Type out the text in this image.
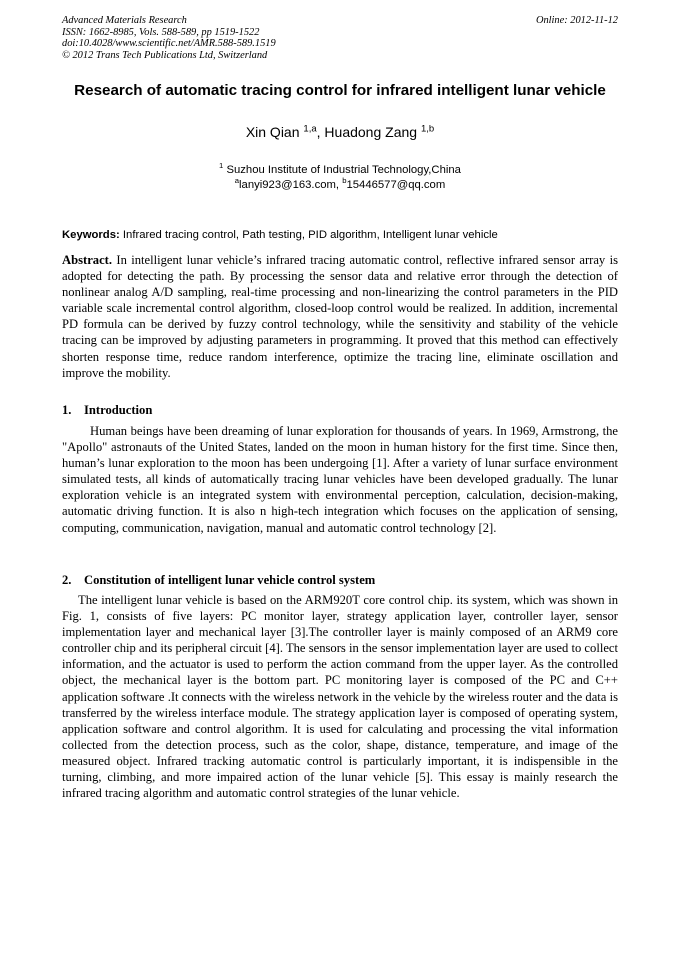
Advanced Materials Research
ISSN: 1662-8985, Vols. 588-589, pp 1519-1522
doi:10.4028/www.scientific.net/AMR.588-589.1519
© 2012 Trans Tech Publications Ltd, Switzerland
Online: 2012-11-12
Research of automatic tracing control for infrared intelligent lunar vehicle
Xin Qian $^{1,a}$, Huadong Zang $^{1,b}$
$^1$ Suzhou Institute of Industrial Technology,China
$^a$lanyi923@163.com, $^b$15446577@qq.com
Keywords: Infrared tracing control, Path testing, PID algorithm, Intelligent lunar vehicle
Abstract. In intelligent lunar vehicle’s infrared tracing automatic control, reflective infrared sensor array is adopted for detecting the path. By processing the sensor data and relative error through the detection of nonlinear analog A/D sampling, real-time processing and non-linearizing the control parameters in the PID variable scale incremental control algorithm, closed-loop control would be realized. In addition, incremental PD formula can be derived by fuzzy control technology, while the sensitivity and stability of the vehicle tracing can be improved by adjusting parameters in programming. It proved that this method can effectively shorten response time, reduce random interference, optimize the tracing line, eliminate oscillation and improve the mobility.
1. Introduction
Human beings have been dreaming of lunar exploration for thousands of years. In 1969, Armstrong, the "Apollo" astronauts of the United States, landed on the moon in human history for the first time. Since then, human’s lunar exploration to the moon has been undergoing [1]. After a variety of lunar surface environment simulated tests, all kinds of automatically tracing lunar vehicles have been developed gradually. The lunar exploration vehicle is an integrated system with environmental perception, calculation, decision-making, automatic driving function. It is also n high-tech integration which focuses on the application of sensing, computing, communication, navigation, manual and automatic control technology [2].
2. Constitution of intelligent lunar vehicle control system
The intelligent lunar vehicle is based on the ARM920T core control chip. its system, which was shown in Fig. 1, consists of five layers: PC monitor layer, strategy application layer, controller layer, sensor implementation layer and mechanical layer [3].The controller layer is mainly composed of an ARM9 core controller chip and its peripheral circuit [4]. The sensors in the sensor implementation layer are used to collect information, and the actuator is used to perform the action command from the upper layer. As the controlled object, the mechanical layer is the bottom part. PC monitoring layer is composed of the PC and C++ application software .It connects with the wireless network in the vehicle by the wireless router and the data is transferred by the wireless interface module. The strategy application layer is composed of operating system, application software and control algorithm. It is used for calculating and processing the vital information collected from the detection process, such as the color, shape, distance, temperature, and image of the measured object. Infrared tracking automatic control is particularly important, it is indispensible in the turning, climbing, and more impaired action of the lunar vehicle [5]. This essay is mainly research the infrared tracing algorithm and automatic control strategies of the lunar vehicle.
